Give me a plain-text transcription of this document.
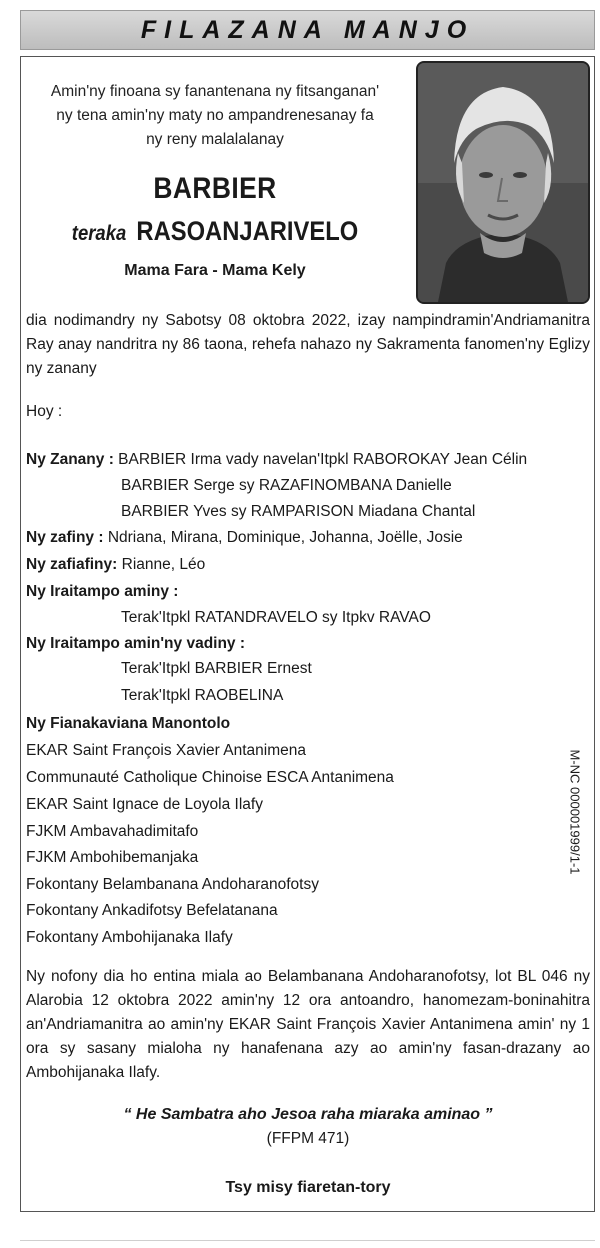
FILAZANA MANJO
Amin'ny finoana sy fanantenana ny fitsanganan'
ny tena amin'ny maty no ampandrenesanay fa
ny reny malalalanay
BARBIER
teraka RASOANJARIVELO
Mama Fara - Mama Kely
dia nodimandry ny Sabotsy 08 oktobra 2022, izay nampindramin'Andriamanitra Ray anay nandritra ny 86 taona, rehefa nahazo ny Sakramenta fanomen'ny Eglizy ny zanany
Hoy :
Ny Zanany : BARBIER Irma vady navelan'Itpkl RABOROKAY Jean Célin
BARBIER Serge sy RAZAFINOMBANA Danielle
BARBIER Yves sy RAMPARISON Miadana Chantal
Ny zafiny : Ndriana, Mirana, Dominique, Johanna, Joëlle, Josie
Ny zafiafiny: Rianne, Léo
Ny Iraitampo aminy :
Terak'Itpkl RATANDRAVELO sy Itpkv RAVAO
Ny Iraitampo amin'ny vadiny :
Terak'Itpkl BARBIER Ernest
Terak'Itpkl RAOBELINA
Ny Fianakaviana Manontolo
EKAR Saint François Xavier Antanimena
Communauté Catholique Chinoise ESCA Antanimena
EKAR Saint Ignace de Loyola Ilafy
FJKM Ambavahadimitafo
FJKM Ambohibemanjaka
Fokontany Belambanana Andoharanofotsy
Fokontany Ankadifotsy Befelatanana
Fokontany Ambohijanaka Ilafy
M-NC 000001999/1-1
Ny nofony dia ho entina miala ao Belambanana Andoharanofotsy, lot BL 046 ny Alarobia 12 oktobra 2022 amin'ny 12 ora antoandro, hanomezam-boninahitra an'Andriamanitra ao amin'ny EKAR Saint François Xavier Antanimena amin' ny 1 ora sy sasany mialoha ny hanafenana azy ao amin'ny fasan-drazany ao Ambohijanaka Ilafy.
“ He Sambatra aho Jesoa raha miaraka aminao ”
(FFPM 471)
Tsy misy fiaretan-tory
